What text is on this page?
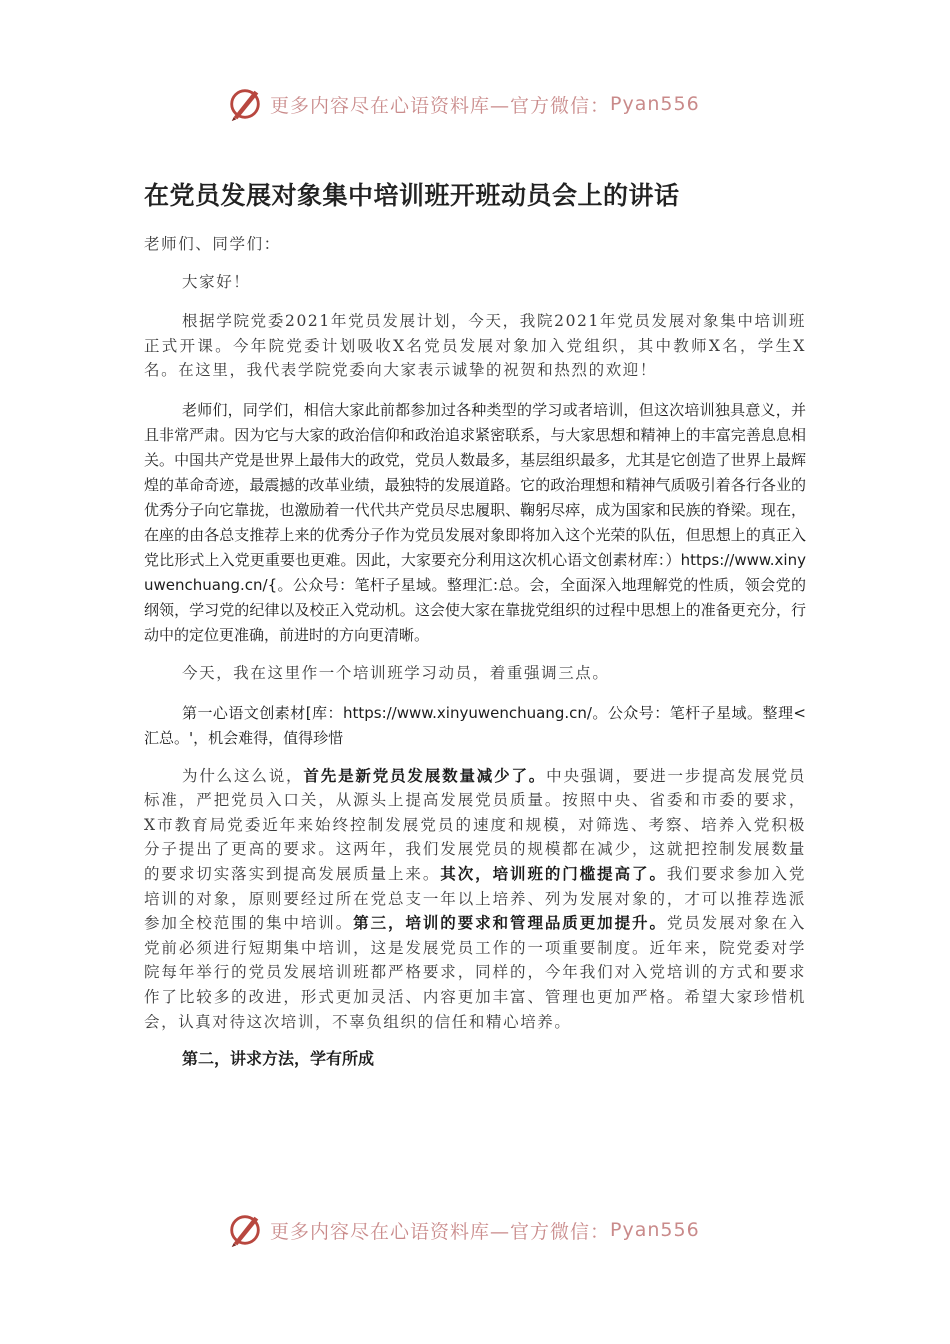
更多内容尽在心语资料库—官方微信： Pyan556
在党员发展对象集中培训班开班动员会上的讲话

老师们、同学们：

大家好！

根据学院党委2021年党员发展计划，今天，我院2021年党员发展对象集中培训班正式开课。今年院党委计划吸收X名党员发展对象加入党组织，其中教师X名，学生X名。在这里，我代表学院党委向大家表示诚挚的祝贺和热烈的欢迎！

老师们，同学们，相信大家此前都参加过各种类型的学习或者培训，但这次培训独具意义，并且非常严肃。因为它与大家的政治信仰和政治追求紧密联系，与大家思想和精神上的丰富完善息息相关。中国共产党是世界上最伟大的政党，党员人数最多，基层组织最多，尤其是它创造了世界上最辉煌的革命奇迹，最震撼的改革业绩，最独特的发展道路。它的政治理想和精神气质吸引着各行各业的优秀分子向它靠拢，也激励着一代代共产党员尽忠履职、鞠躬尽瘁，成为国家和民族的脊梁。现在，在座的由各总支推荐上来的优秀分子作为党员发展对象即将加入这个光荣的队伍，但思想上的真正入党比形式上入党更重要也更难。因此，大家要充分利用这次机心语文创素材库：）https://www.xinyuwenchuang.cn/{。公众号：笔杆子星域。整理汇:总。会，全面深入地理解党的性质，领会党的纲领，学习党的纪律以及校正入党动机。这会使大家在靠拢党组织的过程中思想上的准备更充分，行动中的定位更准确，前进时的方向更清晰。

今天，我在这里作一个培训班学习动员，着重强调三点。

第一心语文创素材[库：https://www.xinyuwenchuang.cn/。公众号：笔杆子星域。整理<汇总。'，机会难得，值得珍惜

为什么这么说，首先是新党员发展数量减少了。中央强调，要进一步提高发展党员标准，严把党员入口关，从源头上提高发展党员质量。按照中央、省委和市委的要求，X市教育局党委近年来始终控制发展党员的速度和规模，对筛选、考察、培养入党积极分子提出了更高的要求。这两年，我们发展党员的规模都在减少，这就把控制发展数量的要求切实落实到提高发展质量上来。其次，培训班的门槛提高了。我们要求参加入党培训的对象，原则要经过所在党总支一年以上培养、列为发展对象的，才可以推荐选派参加全校范围的集中培训。第三，培训的要求和管理品质更加提升。党员发展对象在入党前必须进行短期集中培训，这是发展党员工作的一项重要制度。近年来，院党委对学院每年举行的党员发展培训班都严格要求，同样的，今年我们对入党培训的方式和要求作了比较多的改进，形式更加灵活、内容更加丰富、管理也更加严格。希望大家珍惜机会，认真对待这次培训，不辜负组织的信任和精心培养。

第二，讲求方法，学有所成

更多内容尽在心语资料库—官方微信： Pyan556
